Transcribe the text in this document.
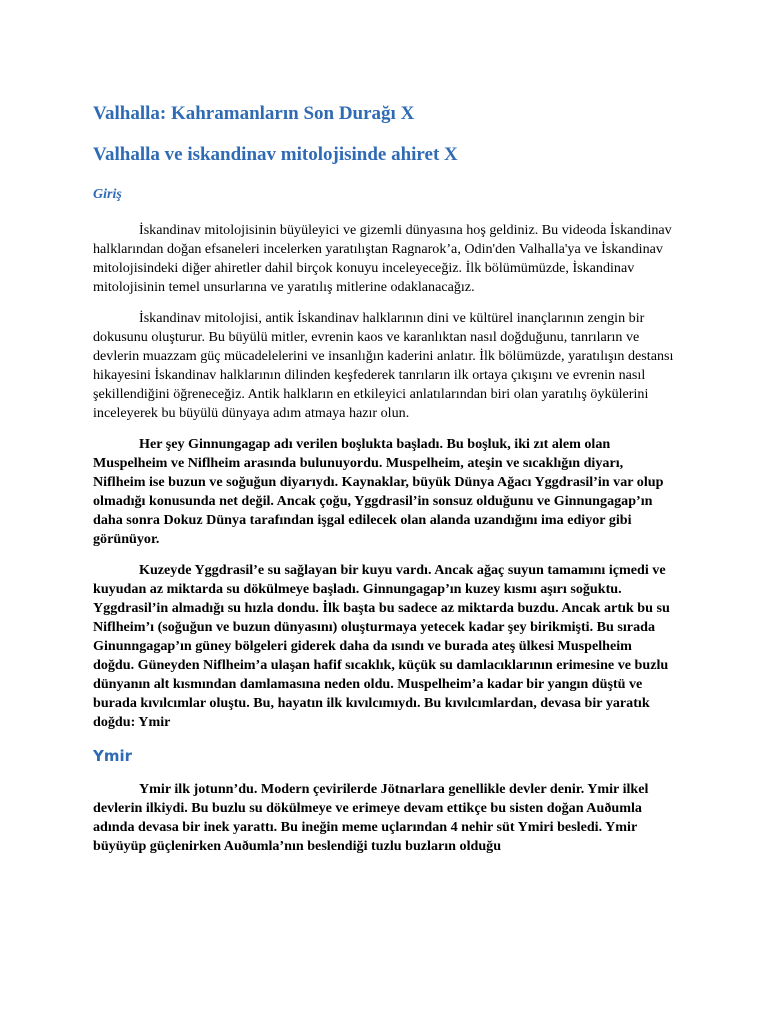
Valhalla: Kahramanların Son Durağı X
Valhalla ve iskandinav mitolojisinde ahiret X
Giriş

İskandinav mitolojisinin büyüleyici ve gizemli dünyasına hoş geldiniz. Bu videoda İskandinav halklarından doğan efsaneleri incelerken yaratılıştan Ragnarok’a, Odin'den Valhalla'ya ve İskandinav mitolojisindeki diğer ahiretler dahil birçok konuyu inceleyeceğiz. İlk bölümümüzde, İskandinav mitolojisinin temel unsurlarına ve yaratılış mitlerine odaklanacağız.

İskandinav mitolojisi, antik İskandinav halklarının dini ve kültürel inançlarının zengin bir dokusunu oluşturur. Bu büyülü mitler, evrenin kaos ve karanlıktan nasıl doğduğunu, tanrıların ve devlerin muazzam güç mücadelelerini ve insanlığın kaderini anlatır. İlk bölümüzde, yaratılışın destansı hikayesini İskandinav halklarının dilinden keşfederek tanrıların ilk ortaya çıkışını ve evrenin nasıl şekillendiğini öğreneceğiz. Antik halkların en etkileyici anlatılarından biri olan yaratılış öykülerini inceleyerek bu büyülü dünyaya adım atmaya hazır olun.

Her şey Ginnungagap adı verilen boşlukta başladı. Bu boşluk, iki zıt alem olan Muspelheim ve Niflheim arasında bulunuyordu. Muspelheim, ateşin ve sıcaklığın diyarı, Niflheim ise buzun ve soğuğun diyarıydı. Kaynaklar, büyük Dünya Ağacı Yggdrasil’in var olup olmadığı konusunda net değil. Ancak çoğu, Yggdrasil’in sonsuz olduğunu ve Ginnungagap’ın daha sonra Dokuz Dünya tarafından işgal edilecek olan alanda uzandığını ima ediyor gibi görünüyor.

Kuzeyde Yggdrasil’e su sağlayan bir kuyu vardı. Ancak ağaç suyun tamamını içmedi ve kuyudan az miktarda su dökülmeye başladı. Ginnungagap’ın kuzey kısmı aşırı soğuktu. Yggdrasil’in almadığı su hızla dondu. İlk başta bu sadece az miktarda buzdu. Ancak artık bu su Niflheim’ı (soğuğun ve buzun dünyasını) oluşturmaya yetecek kadar şey birikmişti. Bu sırada Ginunngagap’ın güney bölgeleri giderek daha da ısındı ve burada ateş ülkesi Muspelheim doğdu. Güneyden Niflheim’a ulaşan hafif sıcaklık, küçük su damlacıklarının erimesine ve buzlu dünyanın alt kısmından damlamasına neden oldu. Muspelheim’a kadar bir yangın düştü ve burada kıvılcımlar oluştu. Bu, hayatın ilk kıvılcımıydı. Bu kıvılcımlardan, devasa bir yaratık doğdu: Ymir

Ymir

Ymir ilk jotunn’du. Modern çevirilerde Jötnarlara genellikle devler denir. Ymir ilkel devlerin ilkiydi. Bu buzlu su dökülmeye ve erimeye devam ettikçe bu sisten doğan Auðumla adında devasa bir inek yarattı. Bu ineğin meme uçlarından 4 nehir süt Ymiri besledi. Ymir büyüyüp güçlenirken Auðumla’nın beslendiği tuzlu buzların olduğu
